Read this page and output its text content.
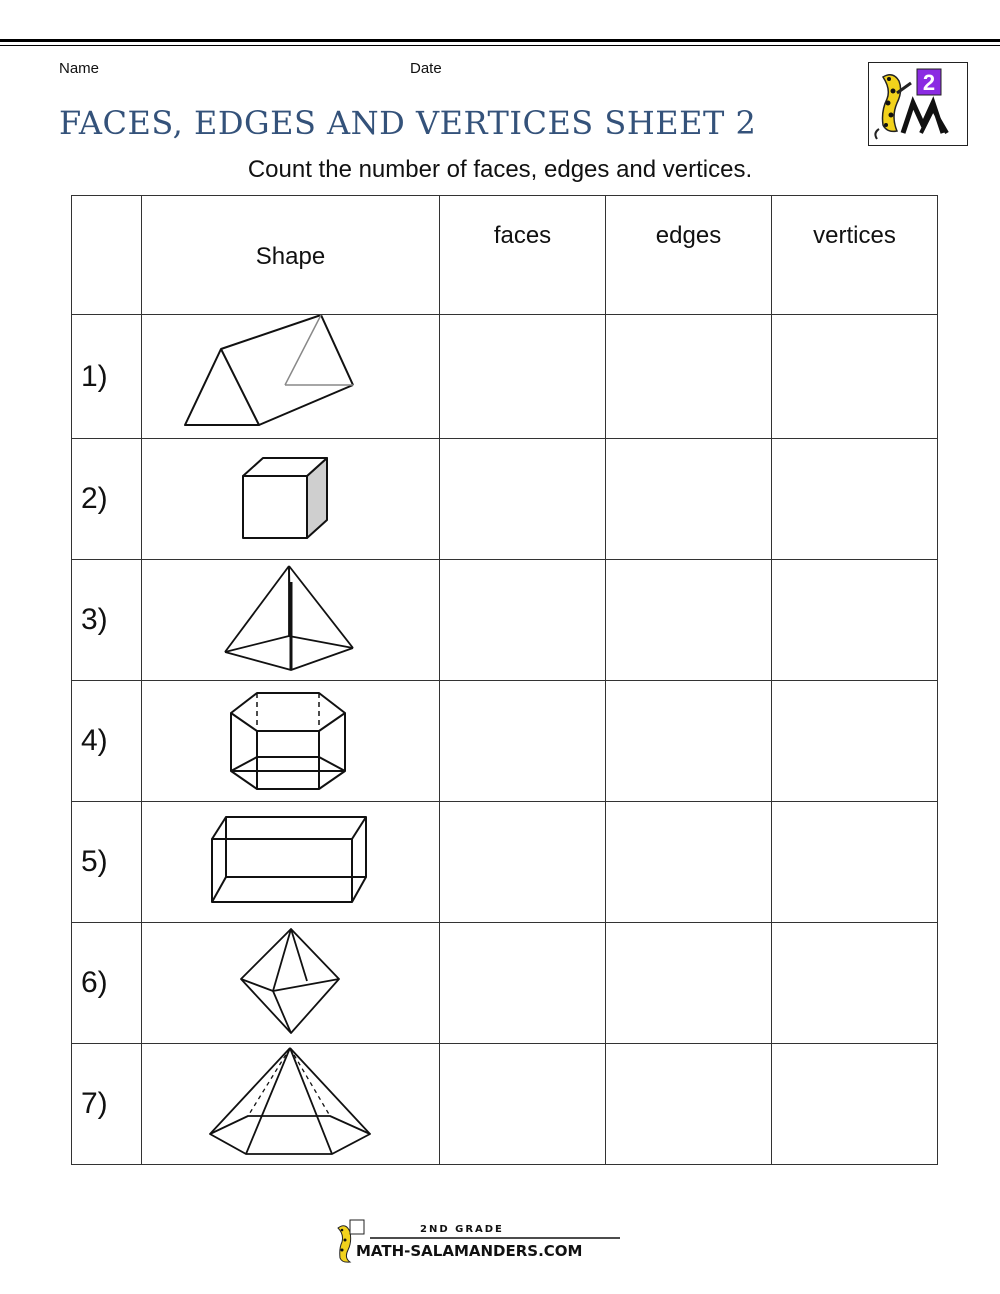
Name	Date
FACES, EDGES AND VERTICES SHEET 2
Count the number of faces, edges and vertices.
2
	Shape	faces	edges	vertices
1)				
2)				
3)				
4)				
5)				
6)				
7)				
2ND GRADE
MATH-SALAMANDERS.COM
